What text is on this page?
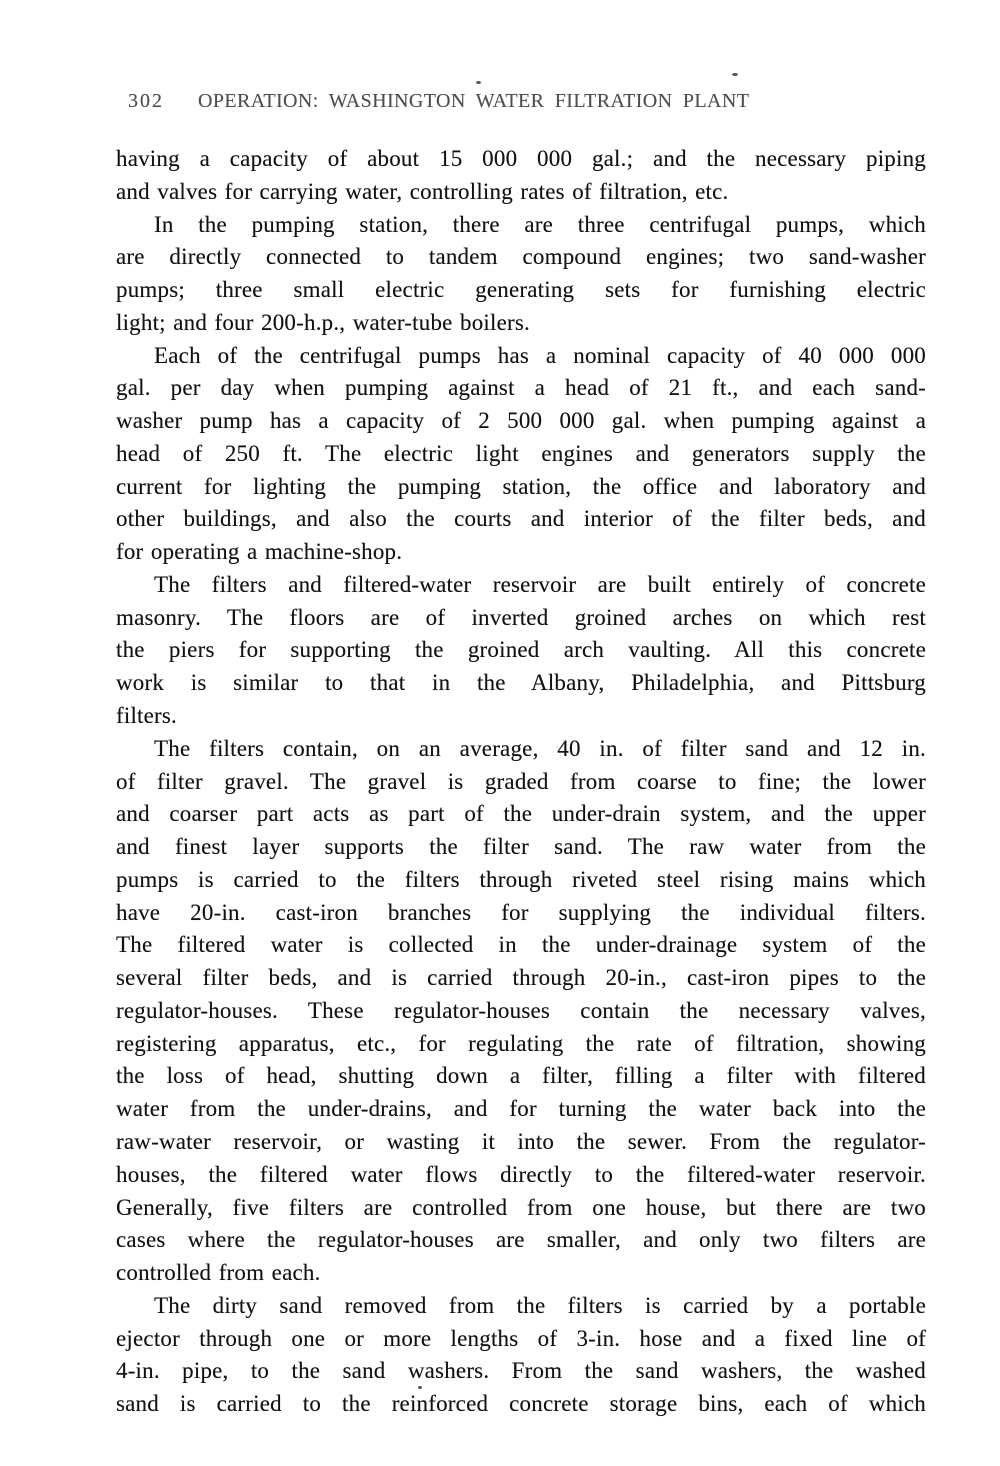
302 OPERATION: WASHINGTON WATER FILTRATION PLANT
having a capacity of about 15 000 000 gal.; and the necessary piping
and valves for carrying water, controlling rates of filtration, etc.
In the pumping station, there are three centrifugal pumps, which
are directly connected to tandem compound engines; two sand-washer
pumps; three small electric generating sets for furnishing electric
light; and four 200-h.p., water-tube boilers.
Each of the centrifugal pumps has a nominal capacity of 40 000 000
gal. per day when pumping against a head of 21 ft., and each sand-
washer pump has a capacity of 2 500 000 gal. when pumping against a
head of 250 ft. The electric light engines and generators supply the
current for lighting the pumping station, the office and laboratory and
other buildings, and also the courts and interior of the filter beds, and
for operating a machine-shop.
The filters and filtered-water reservoir are built entirely of concrete
masonry. The floors are of inverted groined arches on which rest
the piers for supporting the groined arch vaulting. All this concrete
work is similar to that in the Albany, Philadelphia, and Pittsburg
filters.
The filters contain, on an average, 40 in. of filter sand and 12 in.
of filter gravel. The gravel is graded from coarse to fine; the lower
and coarser part acts as part of the under-drain system, and the upper
and finest layer supports the filter sand. The raw water from the
pumps is carried to the filters through riveted steel rising mains which
have 20-in. cast-iron branches for supplying the individual filters.
The filtered water is collected in the under-drainage system of the
several filter beds, and is carried through 20-in., cast-iron pipes to the
regulator-houses. These regulator-houses contain the necessary valves,
registering apparatus, etc., for regulating the rate of filtration, showing
the loss of head, shutting down a filter, filling a filter with filtered
water from the under-drains, and for turning the water back into the
raw-water reservoir, or wasting it into the sewer. From the regulator-
houses, the filtered water flows directly to the filtered-water reservoir.
Generally, five filters are controlled from one house, but there are two
cases where the regulator-houses are smaller, and only two filters are
controlled from each.
The dirty sand removed from the filters is carried by a portable
ejector through one or more lengths of 3-in. hose and a fixed line of
4-in. pipe, to the sand washers. From the sand washers, the washed
sand is carried to the reinforced concrete storage bins, each of which
